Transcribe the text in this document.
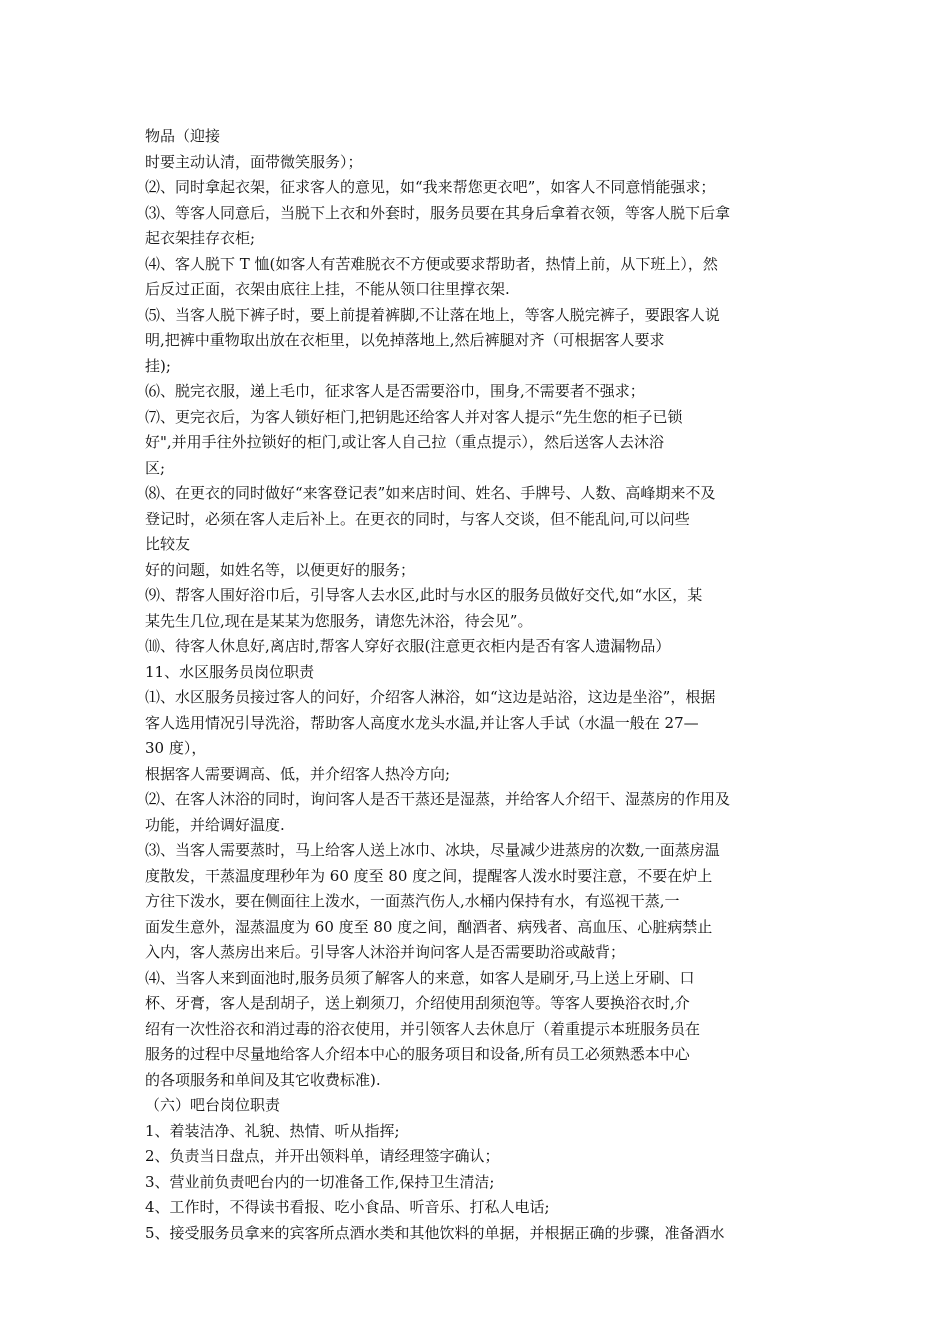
物品（迎接
时要主动认清，面带微笑服务）；
⑵、同时拿起衣架，征求客人的意见，如“我来帮您更衣吧”，如客人不同意悄能强求；
⑶、等客人同意后，当脱下上衣和外套时，服务员要在其身后拿着衣领，等客人脱下后拿
起衣架挂存衣柜;
⑷、客人脱下 T 恤(如客人有苦难脱衣不方便或要求帮助者，热情上前，从下班上），然
后反过正面，衣架由底往上挂，不能从领口往里撑衣架.
⑸、当客人脱下裤子时，要上前提着裤脚,不让落在地上，等客人脱完裤子，要跟客人说
明,把裤中重物取出放在衣柜里，以免掉落地上,然后裤腿对齐（可根据客人要求
挂);
⑹、脱完衣服，递上毛巾，征求客人是否需要浴巾，围身,不需要者不强求；
⑺、更完衣后，为客人锁好柜门,把钥匙还给客人并对客人提示“先生您的柜子已锁
好",并用手往外拉锁好的柜门,或让客人自己拉（重点提示），然后送客人去沐浴
区;
⑻、在更衣的同时做好“来客登记表”如来店时间、姓名、手牌号、人数、高峰期来不及
登记时，必须在客人走后补上。在更衣的同时，与客人交谈，但不能乱问,可以问些
比较友
好的问题，如姓名等，以便更好的服务；
⑼、帮客人围好浴巾后，引导客人去水区,此时与水区的服务员做好交代,如“水区，某
某先生几位,现在是某某为您服务，请您先沐浴，待会见”。
⑽、待客人休息好,离店时,帮客人穿好衣服(注意更衣柜内是否有客人遗漏物品）
11、水区服务员岗位职责
⑴、水区服务员接过客人的问好，介绍客人淋浴，如“这边是站浴，这边是坐浴”，根据
客人选用情况引导洗浴，帮助客人高度水龙头水温,并让客人手试（水温一般在 27—
30 度），
根据客人需要调高、低，并介绍客人热冷方向;
⑵、在客人沐浴的同时，询问客人是否干蒸还是湿蒸，并给客人介绍干、湿蒸房的作用及
功能，并给调好温度.
⑶、当客人需要蒸时，马上给客人送上冰巾、冰块，尽量减少进蒸房的次数,一面蒸房温
度散发，干蒸温度理秒年为 60 度至 80 度之间，提醒客人泼水时要注意，不要在炉上
方往下泼水，要在侧面往上泼水，一面蒸汽伤人,水桶内保持有水，有巡视干蒸,一
面发生意外，湿蒸温度为 60 度至 80 度之间，酗酒者、病残者、高血压、心脏病禁止
入内，客人蒸房出来后。引导客人沐浴并询问客人是否需要助浴或敲背；
⑷、当客人来到面池时,服务员须了解客人的来意，如客人是刷牙,马上送上牙刷、口
杯、牙膏，客人是刮胡子，送上剃须刀，介绍使用刮须泡等。等客人要换浴衣时,介
绍有一次性浴衣和消过毒的浴衣使用，并引领客人去休息厅（着重提示本班服务员在
服务的过程中尽量地给客人介绍本中心的服务项目和设备,所有员工必须熟悉本中心
的各项服务和单间及其它收费标准).
（六）吧台岗位职责
1、着装洁净、礼貌、热情、听从指挥;
2、负责当日盘点，并开出领料单，请经理签字确认；
3、营业前负责吧台内的一切准备工作,保持卫生清洁;
4、工作时，不得读书看报、吃小食品、听音乐、打私人电话;
5、接受服务员拿来的宾客所点酒水类和其他饮料的单据，并根据正确的步骤，准备酒水
